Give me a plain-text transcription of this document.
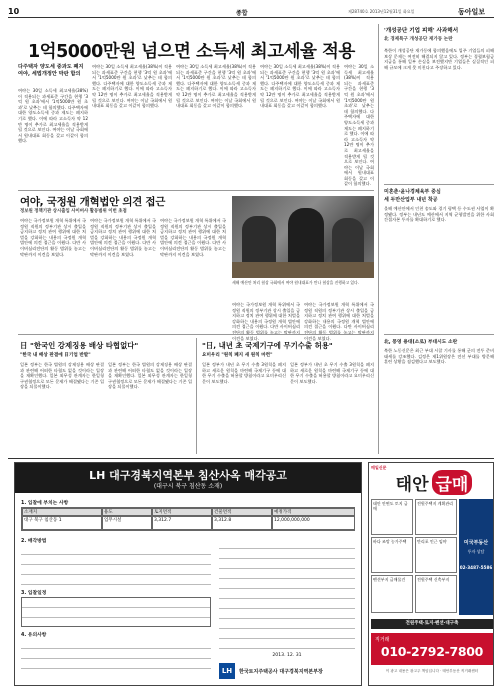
10	종합	제28740호 2013년12월31일 화요일	동아일보
1억5000만원 넘으면 소득세 최고세율 적용
다주택자 양도세 중과도 폐지
여야, 세법개정안 막판 합의
여야는 30일 소득세 최고세율(38%)이 적용되는 과세표준 구간을 현행 '3억 원 초과'에서 '1억5000만 원 초과'로 낮추는 데 합의했다. 다주택자에 대한 양도소득세 중과 제도는 폐지하기로 했다. 이에 따라 고소득자 약 12만 명이 추가로 최고세율을 적용받게 될 것으로 보인다. 여야는 이날 국회에서 원내대표 회동을 갖고 이같이 합의했다.
여야는 30일 소득세 최고세율(38%)이 적용되는 과세표준 구간을 현행 '3억 원 초과'에서 '1억5000만 원 초과'로 낮추는 데 합의했다. 다주택자에 대한 양도소득세 중과 제도는 폐지하기로 했다. 이에 따라 고소득자 약 12만 명이 추가로 최고세율을 적용받게 될 것으로 보인다. 여야는 이날 국회에서 원내대표 회동을 갖고 이같이 합의했다.
여야는 30일 소득세 최고세율(38%)이 적용되는 과세표준 구간을 현행 '3억 원 초과'에서 '1억5000만 원 초과'로 낮추는 데 합의했다. 다주택자에 대한 양도소득세 중과 제도는 폐지하기로 했다. 이에 따라 고소득자 약 12만 명이 추가로 최고세율을 적용받게 될 것으로 보인다. 여야는 이날 국회에서 원내대표 회동을 갖고 이같이 합의했다.
여야는 30일 소득세 최고세율(38%)이 적용되는 과세표준 구간을 현행 '3억 원 초과'에서 '1억5000만 원 초과'로 낮추는 데 합의했다. 다주택자에 대한 양도소득세 중과 제도는 폐지하기로 했다. 이에 따라 고소득자 약 12만 명이 추가로 최고세율을 적용받게 될 것으로 보인다. 여야는 이날 국회에서 원내대표 회동을 갖고 이같이 합의했다.
여야는 30일 소득세 최고세율(38%)이 적용되는 과세표준 구간을 현행 '3억 원 초과'에서 '1억5000만 원 초과'로 낮추는 데 합의했다. 다주택자에 대한 양도소득세 중과 제도는 폐지하기로 했다. 이에 따라 고소득자 약 12만 명이 추가로 최고세율을 적용받게 될 것으로 보인다. 여야는 이날 국회에서 원내대표 회동을 갖고 이같이 합의했다.
'개성공단 기업 피해' 사과해서
北 경제특구 개성공단 재가동 논란
북한이 개성공단 재가동에 합의했음에도 입주 기업들의 피해 보상 문제는 여전히 해결되지 않고 있다. 정부는 경협보험금 지급을 통해 일부 손실을 보전했지만 기업들은 실질적인 피해 규모에 크게 못 미친다고 주장하고 있다.
여야, 국정원 개혁법안 의견 접근
정보원 정책기관 상시출입 사이버사 활동범위 이번 초점
여야는 국가정보원 개혁 특위에서 국정원 직원의 정부기관 상시 출입을 금지하고 정치 관여 행위에 대한 처벌을 강화하는 내용의 국정원 개혁 법안에 의견 접근을 이뤘다. 다만 사이버심리전단의 활동 범위를 놓고는 막판까지 이견을 보였다.
여야는 국가정보원 개혁 특위에서 국정원 직원의 정부기관 상시 출입을 금지하고 정치 관여 행위에 대한 처벌을 강화하는 내용의 국정원 개혁 법안에 의견 접근을 이뤘다. 다만 사이버심리전단의 활동 범위를 놓고는 막판까지 이견을 보였다.
여야는 국가정보원 개혁 특위에서 국정원 직원의 정부기관 상시 출입을 금지하고 정치 관여 행위에 대한 처벌을 강화하는 내용의 국정원 개혁 법안에 의견 접근을 이뤘다. 다만 사이버심리전단의 활동 범위를 놓고는 막판까지 이견을 보였다.
새해 예산안 처리 협상 국회에서 여야 원내대표가 만나 협상을 진행하고 있다.
여야는 국가정보원 개혁 특위에서 국정원 직원의 정부기관 상시 출입을 금지하고 정치 관여 행위에 대한 처벌을 강화하는 내용의 국정원 개혁 법안에 의견 접근을 이뤘다. 다만 사이버심리전단의 활동 범위를 놓고는 막판까지 이견을 보였다.
여야는 국가정보원 개혁 특위에서 국정원 직원의 정부기관 상시 출입을 금지하고 정치 관여 행위에 대한 처벌을 강화하는 내용의 국정원 개혁 법안에 의견 접근을 이뤘다. 다만 사이버심리전단의 활동 범위를 놓고는 막판까지 이견을 보였다.
미혼춘·윤나경체육부 중심
세 두만산업부 내년 착공
올해 예산안에서 인천 송도와 경기 평택 등 수도권 사업이 확정됐다. 정부는 내년도 예산에서 지역 균형발전을 위한 사회간접자본 투자를 확대하기로 했다.
日 "한국인 강제징용 배상 타협없다"
"한국 내 배상 판결에 日기업 반발"
일본 정부는 한국 법원의 강제징용 배상 판결과 관련해 어떠한 타협도 없을 것이라는 입장을 재확인했다. 일본 외무성 관계자는 한일청구권협정으로 모든 문제가 해결됐다는 기존 입장을 되풀이했다.
일본 정부는 한국 법원의 강제징용 배상 판결과 관련해 어떠한 타협도 없을 것이라는 입장을 재확인했다. 일본 외무성 관계자는 한일청구권협정으로 모든 문제가 해결됐다는 기존 입장을 되풀이했다.
"日, 내년 초 국제기구에 무기수출 허용"
요미우리 "원칙 폐지 새 원칙 마련"
일본 정부가 내년 초 무기 수출 3원칙을 폐지하고 새로운 원칙을 마련해 국제기구 등에 대한 무기 수출을 허용할 방침이라고 요미우리신문이 보도했다.
일본 정부가 내년 초 무기 수출 3원칙을 폐지하고 새로운 원칙을 마련해 국제기구 등에 대한 무기 수출을 허용할 방침이라고 요미우리신문이 보도했다.
北, 풍영 용대(소로) 부대시도 소란
북한 노동신문은 최근 부대 시찰 기사를 통해 군의 전투 준비 태세를 강조했다. 김정은 제1위원장은 전선 부대를 방문해 훈련 상황을 점검했다고 보도했다.
LH 대구경북지역본부 침산사옥 매각공고
(대구시 북구 침산동 소재)
1. 입찰에 부치는 사항
소재지	용도	토지면적	건물면적	예정가격
대구 북구 침산동 1	업무시설	3,312.7	3,312.8	12,000,000,000
2. 매각방법
3. 입찰일정
4. 유의사항
2013. 12. 31
LH	한국토지주택공사 대구경북지역본부장
매일신문
태안 급매
태안 안면도 토지 급매
전원주택지 계획관리
바다 조망 농가주택	만리포 인근 임야
펜션부지 급매물건	전원주택 신축부지
미국부동산
투자 상담
02-3487-5586
전원주택·토지·펜션·대구축
직거래
010-2792-7800
이 광고 내용은 광고주 책임입니다 · 태안부동산 직거래센터
